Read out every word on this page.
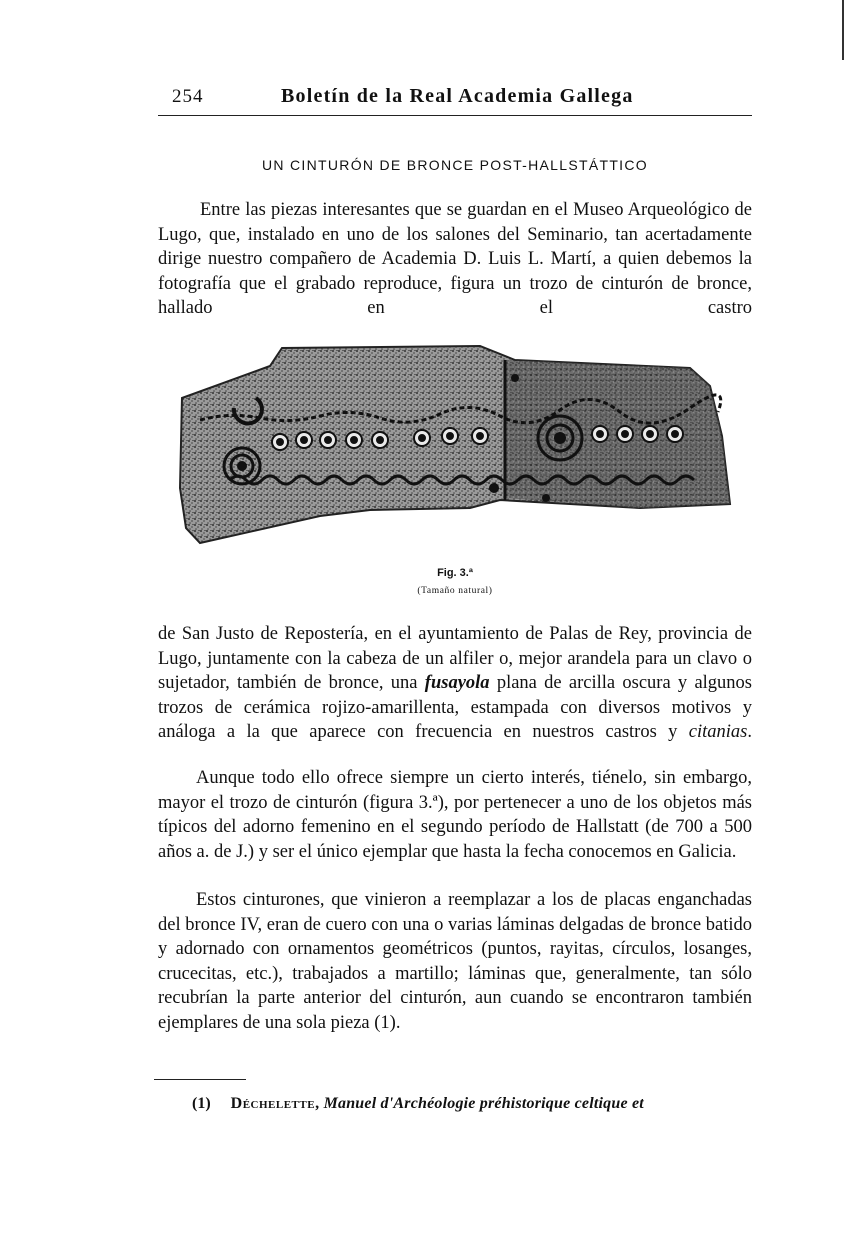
254	Boletín de la Real Academia Gallega
UN CINTURÓN DE BRONCE POST-HALLSTÁTTICO

Entre las piezas interesantes que se guardan en el Museo Arqueológico de Lugo, que, instalado en uno de los salones del Seminario, tan acertadamente dirige nuestro compañero de Academia D. Luis L. Martí, a quien debemos la fotografía que el grabado reproduce, figura un trozo de cinturón de bronce, hallado en el castro

Fig. 3.ª
(Tamaño natural)

de San Justo de Repostería, en el ayuntamiento de Palas de Rey, provincia de Lugo, juntamente con la cabeza de un alfiler o, mejor arandela para un clavo o sujetador, también de bronce, una fusayola plana de arcilla oscura y algunos trozos de cerámica rojizo-amarillenta, estampada con diversos motivos y análoga a la que aparece con frecuencia en nuestros castros y citanias.

Aunque todo ello ofrece siempre un cierto interés, tiénelo, sin embargo, mayor el trozo de cinturón (figura 3.ª), por pertenecer a uno de los objetos más típicos del adorno femenino en el segundo período de Hallstatt (de 700 a 500 años a. de J.) y ser el único ejemplar que hasta la fecha conocemos en Galicia.

Estos cinturones, que vinieron a reemplazar a los de placas enganchadas del bronce IV, eran de cuero con una o varias láminas delgadas de bronce batido y adornado con ornamentos geométricos (puntos, rayitas, círculos, losanges, crucecitas, etc.), trabajados a martillo; láminas que, generalmente, tan sólo recubrían la parte anterior del cinturón, aun cuando se encontraron también ejemplares de una sola pieza (1).

(1) Déchelette, Manuel d'Archéologie préhistorique celtique et
